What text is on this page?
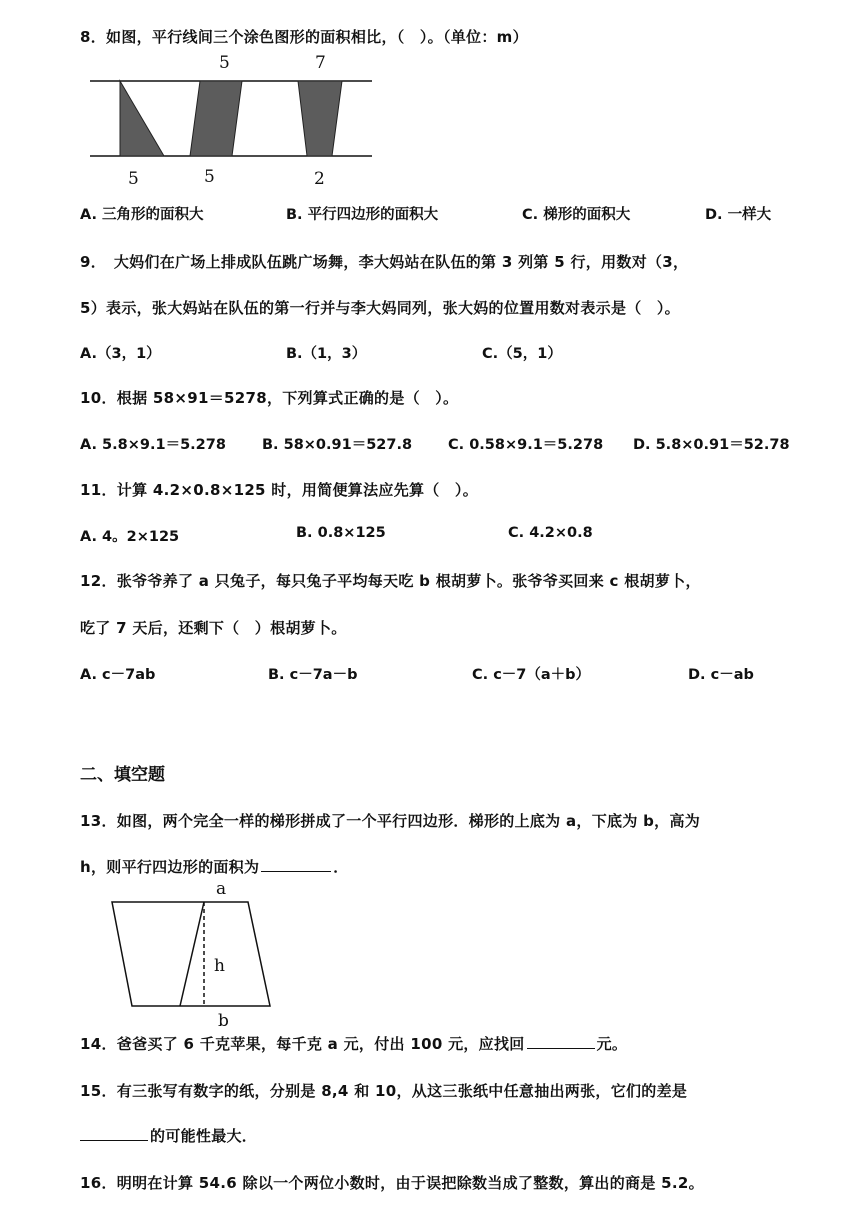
8．如图，平行线间三个涂色图形的面积相比，（　）。（单位：m）
5	7
5	5	2
A. 三角形的面积大	B. 平行四边形的面积大	C. 梯形的面积大	D. 一样大
9．　大妈们在广场上排成队伍跳广场舞，李大妈站在队伍的第 3 列第 5 行，用数对（3，
5）表示，张大妈站在队伍的第一行并与李大妈同列，张大妈的位置用数对表示是（　）。
A.（3，1）	B.（1，3）	C.（5，1）
10．根据 58×91＝5278，下列算式正确的是（　）。
A. 5.8×9.1＝5.278 B. 58×0.91＝527.8 C. 0.58×9.1＝5.278 D. 5.8×0.91＝52.78
11．计算 4.2×0.8×125 时，用简便算法应先算（　）。
A. 4。2×125	B. 0.8×125	C. 4.2×0.8
12．张爷爷养了 a 只兔子，每只兔子平均每天吃 b 根胡萝卜。张爷爷买回来 c 根胡萝卜，
吃了 7 天后，还剩下（　）根胡萝卜。
A. c－7ab	B. c－7a－b	C. c－7（a＋b）	D. c－ab
二、填空题
13．如图，两个完全一样的梯形拼成了一个平行四边形．梯形的上底为 a，下底为 b，高为
h，则平行四边形的面积为	．
a
h
b
14．爸爸买了 6 千克苹果，每千克 a 元，付出 100 元，应找回	元。
15．有三张写有数字的纸，分别是 8,4 和 10，从这三张纸中任意抽出两张，它们的差是
的可能性最大．
16．明明在计算 54.6 除以一个两位小数时，由于误把除数当成了整数，算出的商是 5.2。
